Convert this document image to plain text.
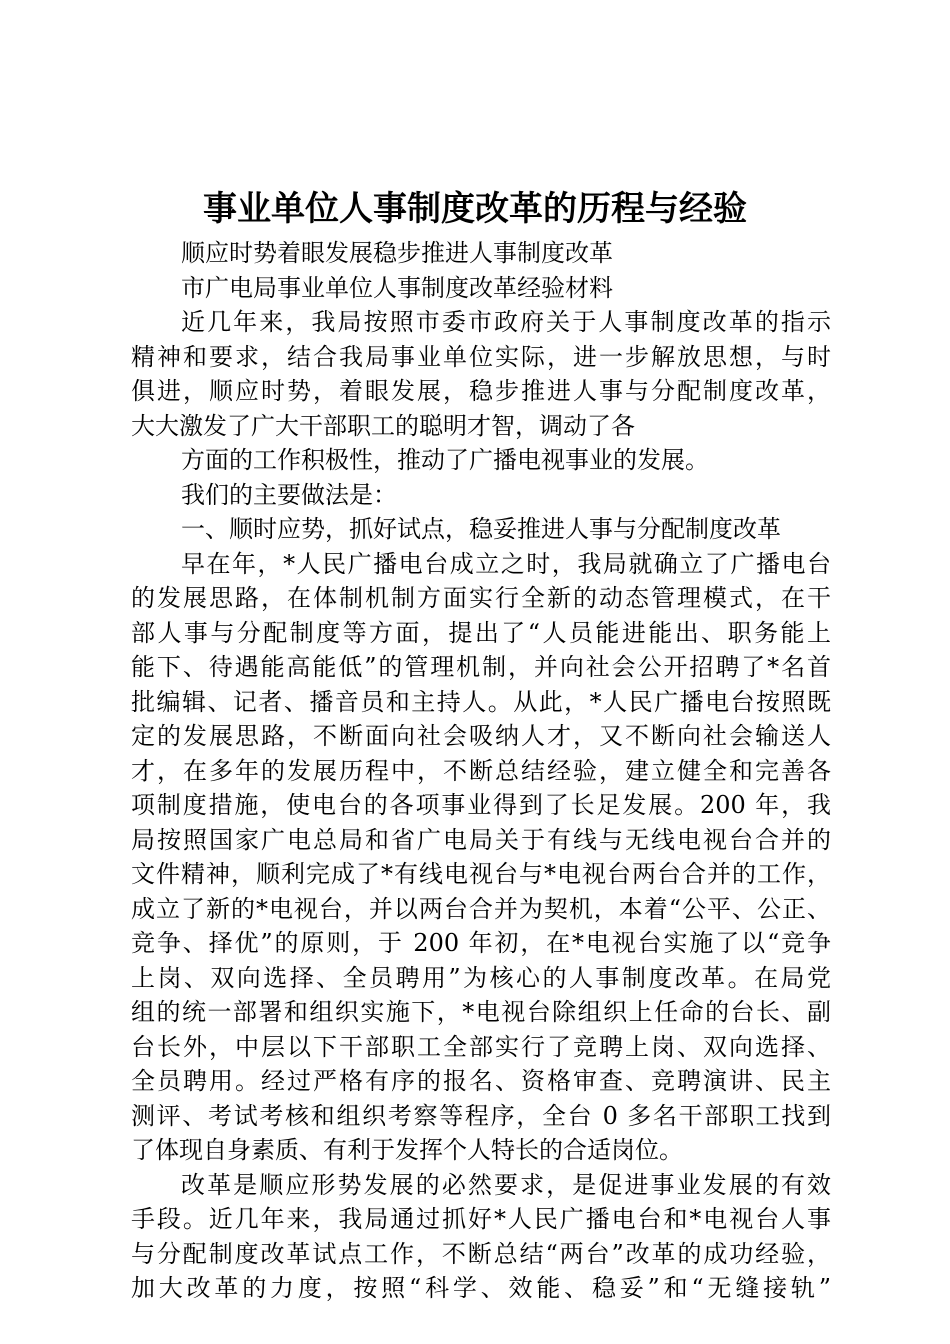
事业单位人事制度改革的历程与经验
顺应时势着眼发展稳步推进人事制度改革
市广电局事业单位人事制度改革经验材料
近几年来，我局按照市委市政府关于人事制度改革的指示
精神和要求，结合我局事业单位实际，进一步解放思想，与时
俱进，顺应时势，着眼发展，稳步推进人事与分配制度改革，
大大激发了广大干部职工的聪明才智，调动了各
方面的工作积极性，推动了广播电视事业的发展。
我们的主要做法是：
一、顺时应势，抓好试点，稳妥推进人事与分配制度改革
早在年，*人民广播电台成立之时，我局就确立了广播电台
的发展思路，在体制机制方面实行全新的动态管理模式，在干
部人事与分配制度等方面，提出了“人员能进能出、职务能上
能下、待遇能高能低”的管理机制，并向社会公开招聘了*名首
批编辑、记者、播音员和主持人。从此，*人民广播电台按照既
定的发展思路，不断面向社会吸纳人才，又不断向社会输送人
才，在多年的发展历程中，不断总结经验，建立健全和完善各
项制度措施，使电台的各项事业得到了长足发展。200 年，我
局按照国家广电总局和省广电局关于有线与无线电视台合并的
文件精神，顺利完成了*有线电视台与*电视台两台合并的工作，
成立了新的*电视台，并以两台合并为契机，本着“公平、公正、
竞争、择优”的原则，于 200 年初，在*电视台实施了以“竞争
上岗、双向选择、全员聘用”为核心的人事制度改革。在局党
组的统一部署和组织实施下，*电视台除组织上任命的台长、副
台长外，中层以下干部职工全部实行了竞聘上岗、双向选择、
全员聘用。经过严格有序的报名、资格审查、竞聘演讲、民主
测评、考试考核和组织考察等程序，全台 0 多名干部职工找到
了体现自身素质、有利于发挥个人特长的合适岗位。
改革是顺应形势发展的必然要求，是促进事业发展的有效
手段。近几年来，我局通过抓好*人民广播电台和*电视台人事
与分配制度改革试点工作，不断总结“两台”改革的成功经验，
加大改革的力度，按照“科学、效能、稳妥”和“无缝接轨”
